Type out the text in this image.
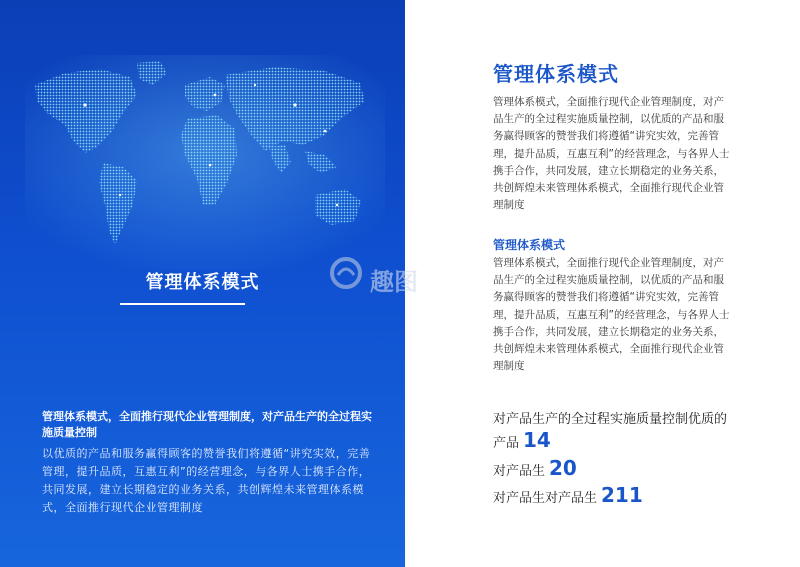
管理体系模式
管理体系模式，全面推行现代企业管理制度，对产品生产的全过程实施质量控制
以优质的产品和服务赢得顾客的赞誉我们将遵循“讲究实效，完善管理，提升品质，互惠互利”的经营理念，与各界人士携手合作，共同发展，建立长期稳定的业务关系，共创辉煌未来管理体系模式，全面推行现代企业管理制度
管理体系模式
管理体系模式，全面推行现代企业管理制度，对产品生产的全过程实施质量控制，以优质的产品和服务赢得顾客的赞誉我们将遵循“讲究实效，完善管理，提升品质，互惠互利”的经营理念，与各界人士携手合作，共同发展，建立长期稳定的业务关系，共创辉煌未来管理体系模式，全面推行现代企业管理制度
管理体系模式
管理体系模式，全面推行现代企业管理制度，对产品生产的全过程实施质量控制，以优质的产品和服务赢得顾客的赞誉我们将遵循“讲究实效，完善管理，提升品质，互惠互利”的经营理念，与各界人士携手合作，共同发展，建立长期稳定的业务关系，共创辉煌未来管理体系模式，全面推行现代企业管理制度
对产品生产的全过程实施质量控制优质的
产品 14
对产品生 20
对产品生对产品生 211
趣图
